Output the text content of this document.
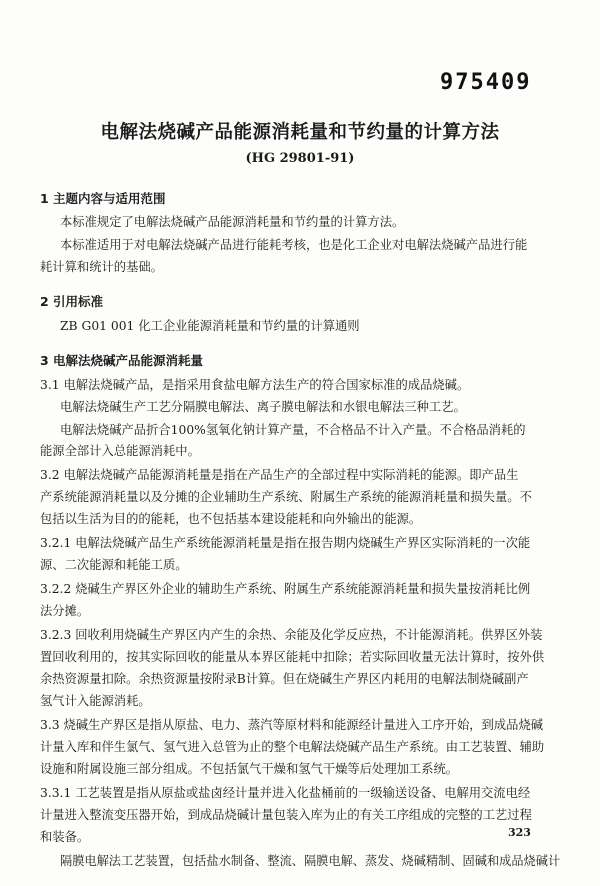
975409
电解法烧碱产品能源消耗量和节约量的计算方法
(HG 29801-91)
1 主题内容与适用范围
本标准规定了电解法烧碱产品能源消耗量和节约量的计算方法。
本标准适用于对电解法烧碱产品进行能耗考核，也是化工企业对电解法烧碱产品进行能
耗计算和统计的基础。
2 引用标准
ZB G01 001 化工企业能源消耗量和节约量的计算通则
3 电解法烧碱产品能源消耗量
3.1 电解法烧碱产品，是指采用食盐电解方法生产的符合国家标准的成品烧碱。
电解法烧碱生产工艺分隔膜电解法、离子膜电解法和水银电解法三种工艺。
电解法烧碱产品折合100%氢氧化钠计算产量，不合格品不计入产量。不合格品消耗的
能源全部计入总能源消耗中。
3.2 电解法烧碱产品能源消耗量是指在产品生产的全部过程中实际消耗的能源。即产品生
产系统能源消耗量以及分摊的企业辅助生产系统、附属生产系统的能源消耗量和损失量。不
包括以生活为目的的能耗，也不包括基本建设能耗和向外输出的能源。
3.2.1 电解法烧碱产品生产系统能源消耗量是指在报告期内烧碱生产界区实际消耗的一次能
源、二次能源和耗能工质。
3.2.2 烧碱生产界区外企业的辅助生产系统、附属生产系统能源消耗量和损失量按消耗比例
法分摊。
3.2.3 回收利用烧碱生产界区内产生的余热、余能及化学反应热，不计能源消耗。供界区外装
置回收利用的，按其实际回收的能量从本界区能耗中扣除；若实际回收量无法计算时，按外供
余热资源量扣除。余热资源量按附录B计算。但在烧碱生产界区内耗用的电解法制烧碱副产
氢气计入能源消耗。
3.3 烧碱生产界区是指从原盐、电力、蒸汽等原材料和能源经计量进入工序开始，到成品烧碱
计量入库和伴生氯气、氢气进入总管为止的整个电解法烧碱产品生产系统。由工艺装置、辅助
设施和附属设施三部分组成。不包括氯气干燥和氢气干燥等后处理加工系统。
3.3.1 工艺装置是指从原盐或盐卤经计量并进入化盐桶前的一级输送设备、电解用交流电经
计量进入整流变压器开始，到成品烧碱计量包装入库为止的有关工序组成的完整的工艺过程
和装备。
隔膜电解法工艺装置，包括盐水制备、整流、隔膜电解、蒸发、烧碱精制、固碱和成品烧碱计
323
